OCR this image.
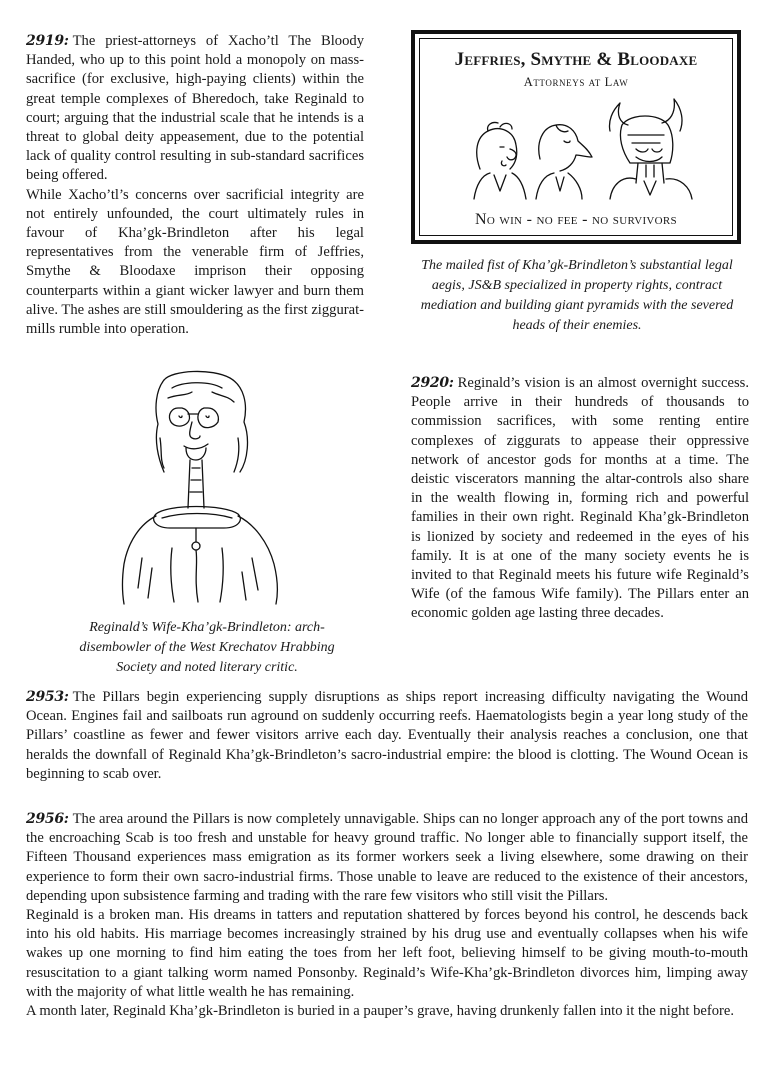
2919: The priest-attorneys of Xacho’tl The Bloody Handed, who up to this point hold a monopoly on mass-sacrifice (for exclusive, high-paying clients) within the great temple complexes of Bheredoch, take Reginald to court; arguing that the industrial scale that he intends is a threat to global deity appeasement, due to the potential lack of quality control resulting in sub-standard sacrifices being offered.

While Xacho’tl’s concerns over sacrificial integrity are not entirely unfounded, the court ultimately rules in favour of Kha’gk-Brindleton after his legal representatives from the venerable firm of Jeffries, Smythe & Bloodaxe imprison their opposing counterparts within a giant wicker lawyer and burn them alive. The ashes are still smouldering as the first ziggurat-mills rumble into operation.

Jeffries, Smythe & Bloodaxe
Attorneys at Law
No win - no fee - no survivors

The mailed fist of Kha’gk-Brindleton’s substantial legal aegis, JS&B specialized in property rights, contract mediation and building giant pyramids with the severed heads of their enemies.

Reginald’s Wife-Kha’gk-Brindleton: arch-disembowler of the West Krechatov Hrabbing Society and noted literary critic.

2920: Reginald’s vision is an almost overnight success. People arrive in their hundreds of thousands to commission sacrifices, with some renting entire complexes of ziggurats to appease their oppressive network of ancestor gods for months at a time. The deistic viscerators manning the altar-controls also share in the wealth flowing in, forming rich and powerful families in their own right. Reginald Kha’gk-Brindleton is lionized by society and redeemed in the eyes of his family. It is at one of the many society events he is invited to that Reginald meets his future wife Reginald’s Wife (of the famous Wife family). The Pillars enter an economic golden age lasting three decades.

2953: The Pillars begin experiencing supply disruptions as ships report increasing difficulty navigating the Wound Ocean. Engines fail and sailboats run aground on suddenly occurring reefs. Haematologists begin a year long study of the Pillars’ coastline as fewer and fewer visitors arrive each day. Eventually their analysis reaches a conclusion, one that heralds the downfall of Reginald Kha’gk-Brindleton’s sacro-industrial empire: the blood is clotting. The Wound Ocean is beginning to scab over.

2956: The area around the Pillars is now completely unnavigable. Ships can no longer approach any of the port towns and the encroaching Scab is too fresh and unstable for heavy ground traffic. No longer able to financially support itself, the Fifteen Thousand experiences mass emigration as its former workers seek a living elsewhere, some drawing on their experience to form their own sacro-industrial firms. Those unable to leave are reduced to the existence of their ancestors, depending upon subsistence farming and trading with the rare few visitors who still visit the Pillars.

Reginald is a broken man. His dreams in tatters and reputation shattered by forces beyond his control, he descends back into his old habits. His marriage becomes increasingly strained by his drug use and eventually collapses when his wife wakes up one morning to find him eating the toes from her left foot, believing himself to be giving mouth-to-mouth resuscitation to a giant talking worm named Ponsonby. Reginald’s Wife-Kha’gk-Brindleton divorces him, limping away with the majority of what little wealth he has remaining.

A month later, Reginald Kha’gk-Brindleton is buried in a pauper’s grave, having drunkenly fallen into it the night before.
